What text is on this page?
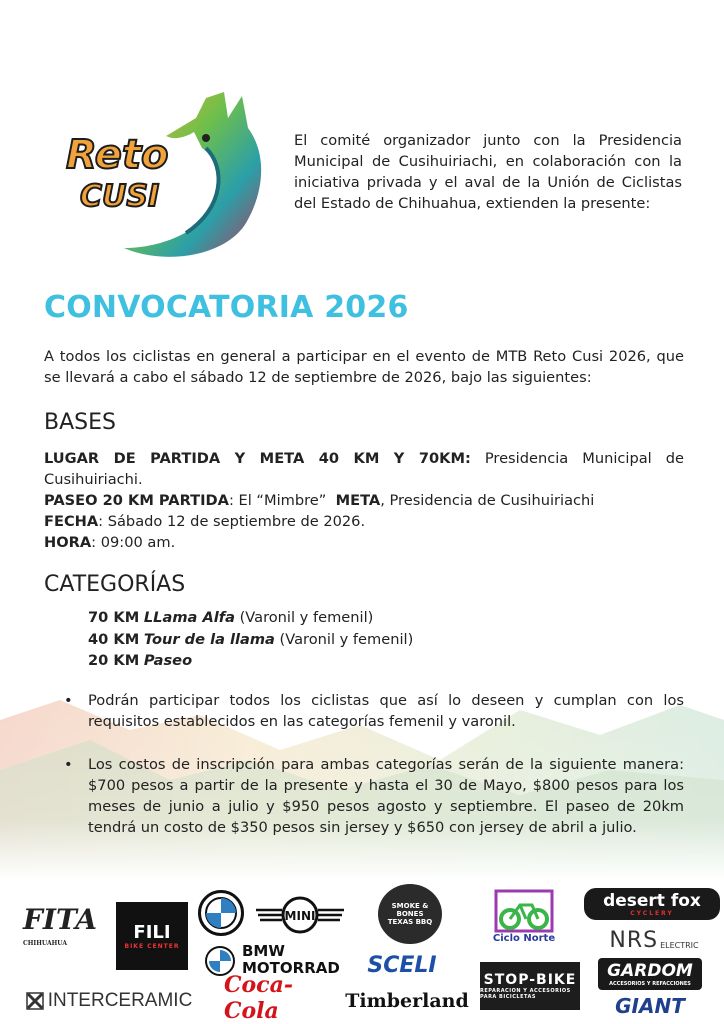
Reto
CUSI
El comité organizador junto con la Presidencia Municipal de Cusihuiriachi, en colaboración con la iniciativa privada y el aval de la Unión de Ciclistas del Estado de Chihuahua, extienden la presente:
CONVOCATORIA 2026
A todos los ciclistas en general a participar en el evento de MTB Reto Cusi 2026, que se llevará a cabo el sábado 12 de septiembre de 2026, bajo las siguientes:
BASES

LUGAR DE PARTIDA Y META 40 KM Y 70KM: Presidencia Municipal de

Cusihuiriachi.

PASEO 20 KM PARTIDA: El “Mimbre”  META, Presidencia de Cusihuiriachi

FECHA: Sábado 12 de septiembre de 2026.

HORA: 09:00 am.

CATEGORÍAS

70 KM LLama Alfa (Varonil y femenil)

40 KM Tour de la llama (Varonil y femenil)

20 KM Paseo

• Podrán participar todos los ciclistas que así lo deseen y cumplan con los requisitos establecidos en las categorías femenil y varonil.
• Los costos de inscripción para ambas categorías serán de la siguiente manera: $700 pesos a partir de la presente y hasta el 30 de Mayo, $800 pesos para los meses de junio a julio y $950 pesos agosto y septiembre. El paseo de 20km tendrá un costo de $350 pesos sin jersey y $650 con jersey de abril a julio.
FITA
CHIHUAHUA
FILI
BIKE CENTER
MINI
BMW
MOTORRAD
SMOKE & BONES
TEXAS BBQ
SCELI
Ciclo Norte
STOP-BIKE
REPARACION Y ACCESORIOS PARA BICICLETAS
desert fox
CYCLERY
NRS ELECTRIC
GARDOM
ACCESORIOS Y REFACCIONES
GIANT
INTERCERAMIC
Coca-Cola	Timberland
